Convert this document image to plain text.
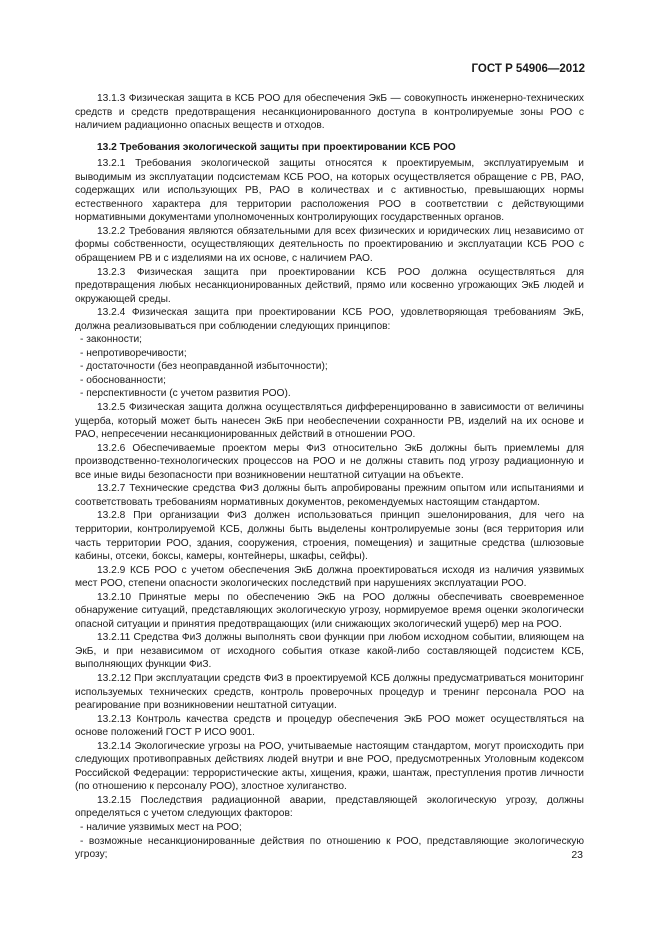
ГОСТ Р 54906—2012

13.1.3 Физическая защита в КСБ РОО для обеспечения ЭкБ — совокупность инженерно-технических средств и средств предотвращения несанкционированного доступа в контролируемые зоны РОО с наличием радиационно опасных веществ и отходов.

13.2 Требования экологической защиты при проектировании КСБ РОО

13.2.1 Требования экологической защиты относятся к проектируемым, эксплуатируемым и выводимым из эксплуатации подсистемам КСБ РОО, на которых осуществляется обращение с РВ, РАО, содержащих или использующих РВ, РАО в количествах и с активностью, превышающих нормы естественного характера для территории расположения РОО в соответствии с действующими нормативными документами уполномоченных контролирующих государственных органов.

13.2.2 Требования являются обязательными для всех физических и юридических лиц независимо от формы собственности, осуществляющих деятельность по проектированию и эксплуатации КСБ РОО с обращением РВ и с изделиями на их основе, с наличием РАО.

13.2.3 Физическая защита при проектировании КСБ РОО должна осуществляться для предотвращения любых несанкционированных действий, прямо или косвенно угрожающих ЭкБ людей и окружающей среды.

13.2.4 Физическая защита при проектировании КСБ РОО, удовлетворяющая требованиям ЭкБ, должна реализовываться при соблюдении следующих принципов:

- законности;
- непротиворечивости;
- достаточности (без неоправданной избыточности);
- обоснованности;
- перспективности (с учетом развития РОО).

13.2.5 Физическая защита должна осуществляться дифференцированно в зависимости от величины ущерба, который может быть нанесен ЭкБ при необеспечении сохранности РВ, изделий на их основе и РАО, непресечении несанкционированных действий в отношении РОО.

13.2.6 Обеспечиваемые проектом меры ФиЗ относительно ЭкБ должны быть приемлемы для производственно-технологических процессов на РОО и не должны ставить под угрозу радиационную и все иные виды безопасности при возникновении нештатной ситуации на объекте.

13.2.7 Технические средства ФиЗ должны быть апробированы прежним опытом или испытаниями и соответствовать требованиям нормативных документов, рекомендуемых настоящим стандартом.

13.2.8 При организации ФиЗ должен использоваться принцип эшелонирования, для чего на территории, контролируемой КСБ, должны быть выделены контролируемые зоны (вся территория или часть территории РОО, здания, сооружения, строения, помещения) и защитные средства (шлюзовые кабины, отсеки, боксы, камеры, контейнеры, шкафы, сейфы).

13.2.9 КСБ РОО с учетом обеспечения ЭкБ должна проектироваться исходя из наличия уязвимых мест РОО, степени опасности экологических последствий при нарушениях эксплуатации РОО.

13.2.10 Принятые меры по обеспечению ЭкБ на РОО должны обеспечивать своевременное обнаружение ситуаций, представляющих экологическую угрозу, нормируемое время оценки экологически опасной ситуации и принятия предотвращающих (или снижающих экологический ущерб) мер на РОО.

13.2.11 Средства ФиЗ должны выполнять свои функции при любом исходном событии, влияющем на ЭкБ, и при независимом от исходного события отказе какой-либо составляющей подсистем КСБ, выполняющих функции ФиЗ.

13.2.12 При эксплуатации средств ФиЗ в проектируемой КСБ должны предусматриваться мониторинг используемых технических средств, контроль проверочных процедур и тренинг персонала РОО на реагирование при возникновении нештатной ситуации.

13.2.13 Контроль качества средств и процедур обеспечения ЭкБ РОО может осуществляться на основе положений ГОСТ Р ИСО 9001.

13.2.14 Экологические угрозы на РОО, учитываемые настоящим стандартом, могут происходить при следующих противоправных действиях людей внутри и вне РОО, предусмотренных Уголовным кодексом Российской Федерации: террористические акты, хищения, кражи, шантаж, преступления против личности (по отношению к персоналу РОО), злостное хулиганство.

13.2.15 Последствия радиационной аварии, представляющей экологическую угрозу, должны определяться с учетом следующих факторов:

- наличие уязвимых мест на РОО;
- возможные несанкционированные действия по отношению к РОО, представляющие экологическую угрозу;	23
